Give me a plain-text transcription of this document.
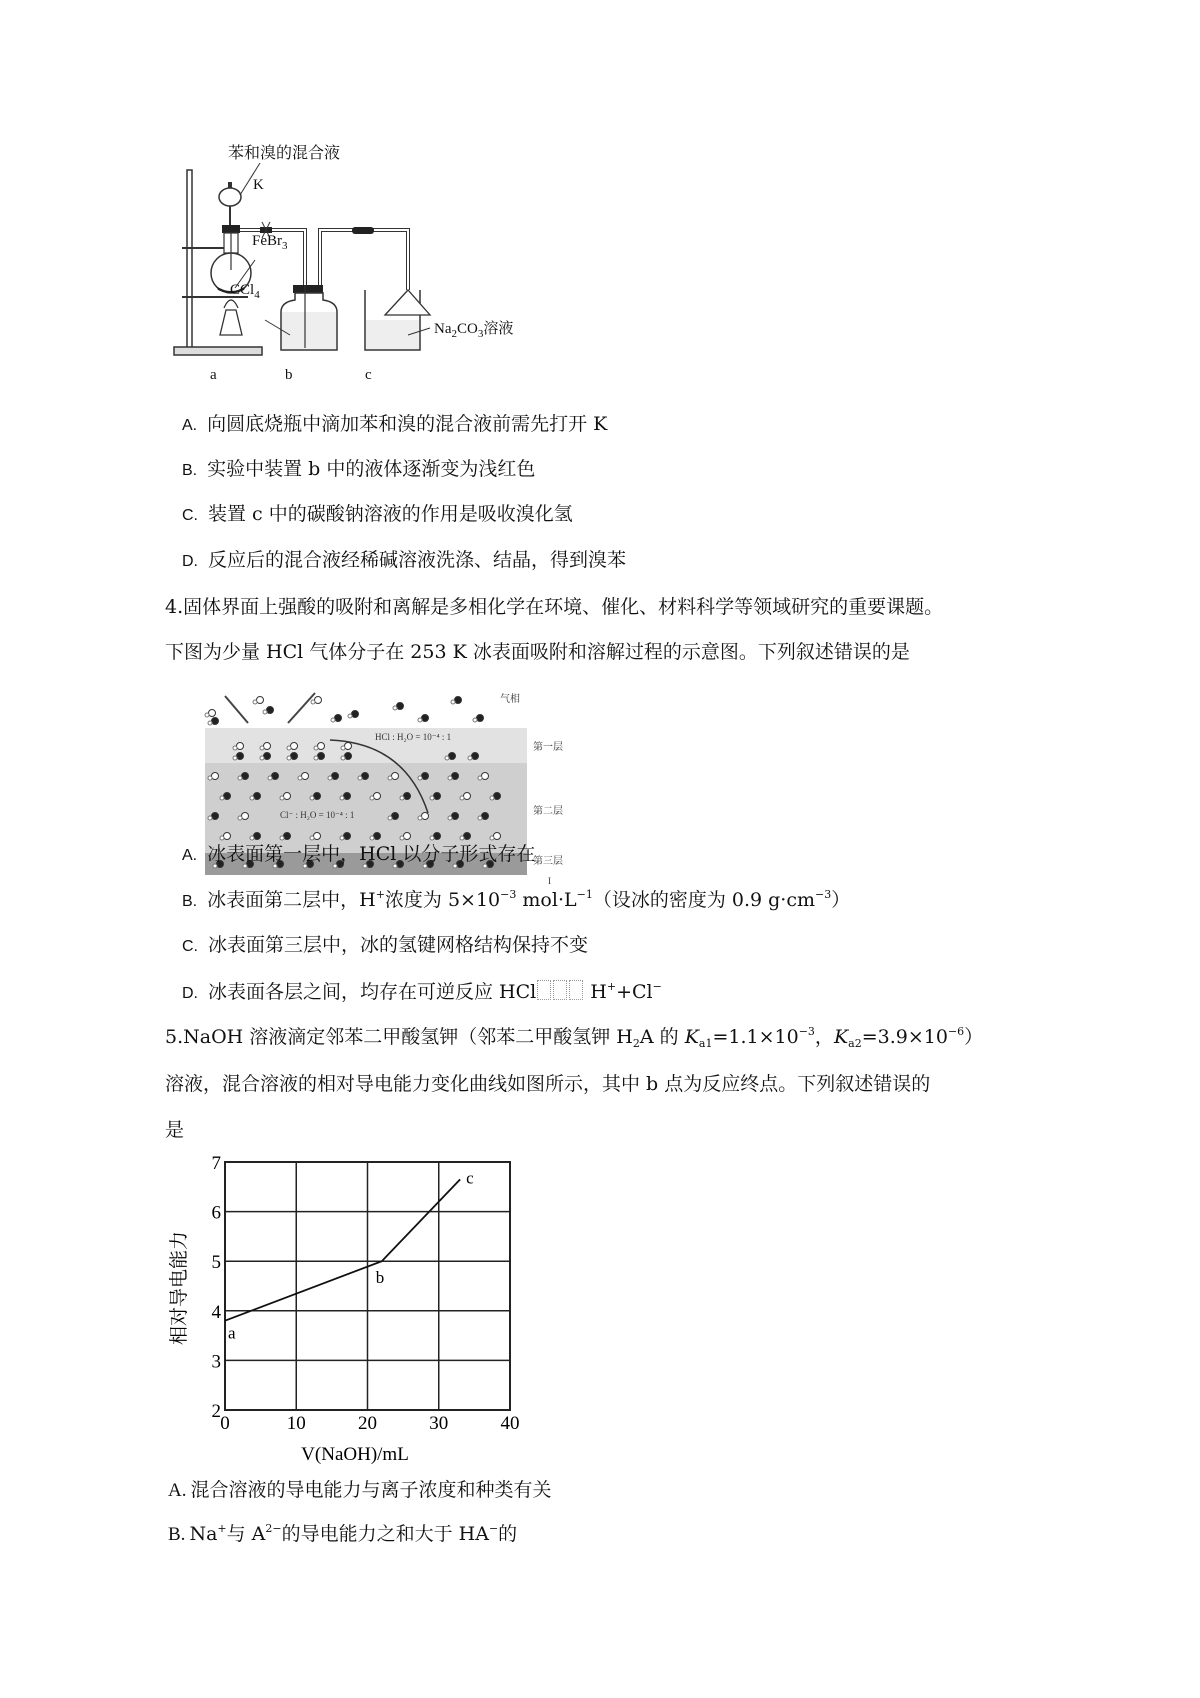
苯和溴的混合液
K
FeBr$_3$
CCl$_4$
$Na_2CO_3$溶液
a	b	c
A. 向圆底烧瓶中滴加苯和溴的混合液前需先打开 K
B. 实验中装置 b 中的液体逐渐变为浅红色
C. 装置 c 中的碳酸钠溶液的作用是吸收溴化氢
D. 反应后的混合液经稀碱溶液洗涤、结晶，得到溴苯
4.固体界面上强酸的吸附和离解是多相化学在环境、催化、材料科学等领域研究的重要课题。
下图为少量 HCl 气体分子在 253 K 冰表面吸附和溶解过程的示意图。下列叙述错误的是
HCl : H₂O = 10⁻⁴ : 1
Cl⁻ : H₂O = 10⁻⁴ : 1
气相
第一层
第二层
第三层
I
A. 冰表面第一层中，HCl 以分子形式存在
B. 冰表面第二层中，H+浓度为 $5\times 10^{-3}$ $mol\cdot L^{-1}$（设冰的密度为 0.9 $g\cdot cm^{-3}$）
C. 冰表面第三层中，冰的氢键网格结构保持不变
D. 冰表面各层之间，均存在可逆反应 HCl	H++Cl−
5.NaOH 溶液滴定邻苯二甲酸氢钾（邻苯二甲酸氢钾 $H_2A$ 的 $K_{a1}=1.1\times 10^{-3}$，$K_{a2}=3.9\times 10^{-6}$）
溶液，混合溶液的相对导电能力变化曲线如图所示，其中 b 点为反应终点。下列叙述错误的
是
0	10	20	30	40
2
3
4
5
6
7
a
b
c
V(NaOH)/mL
相对导电能力
A. 混合溶液的导电能力与离子浓度和种类有关
B. Na+与 $A^{2-}$的导电能力之和大于 HA−的
